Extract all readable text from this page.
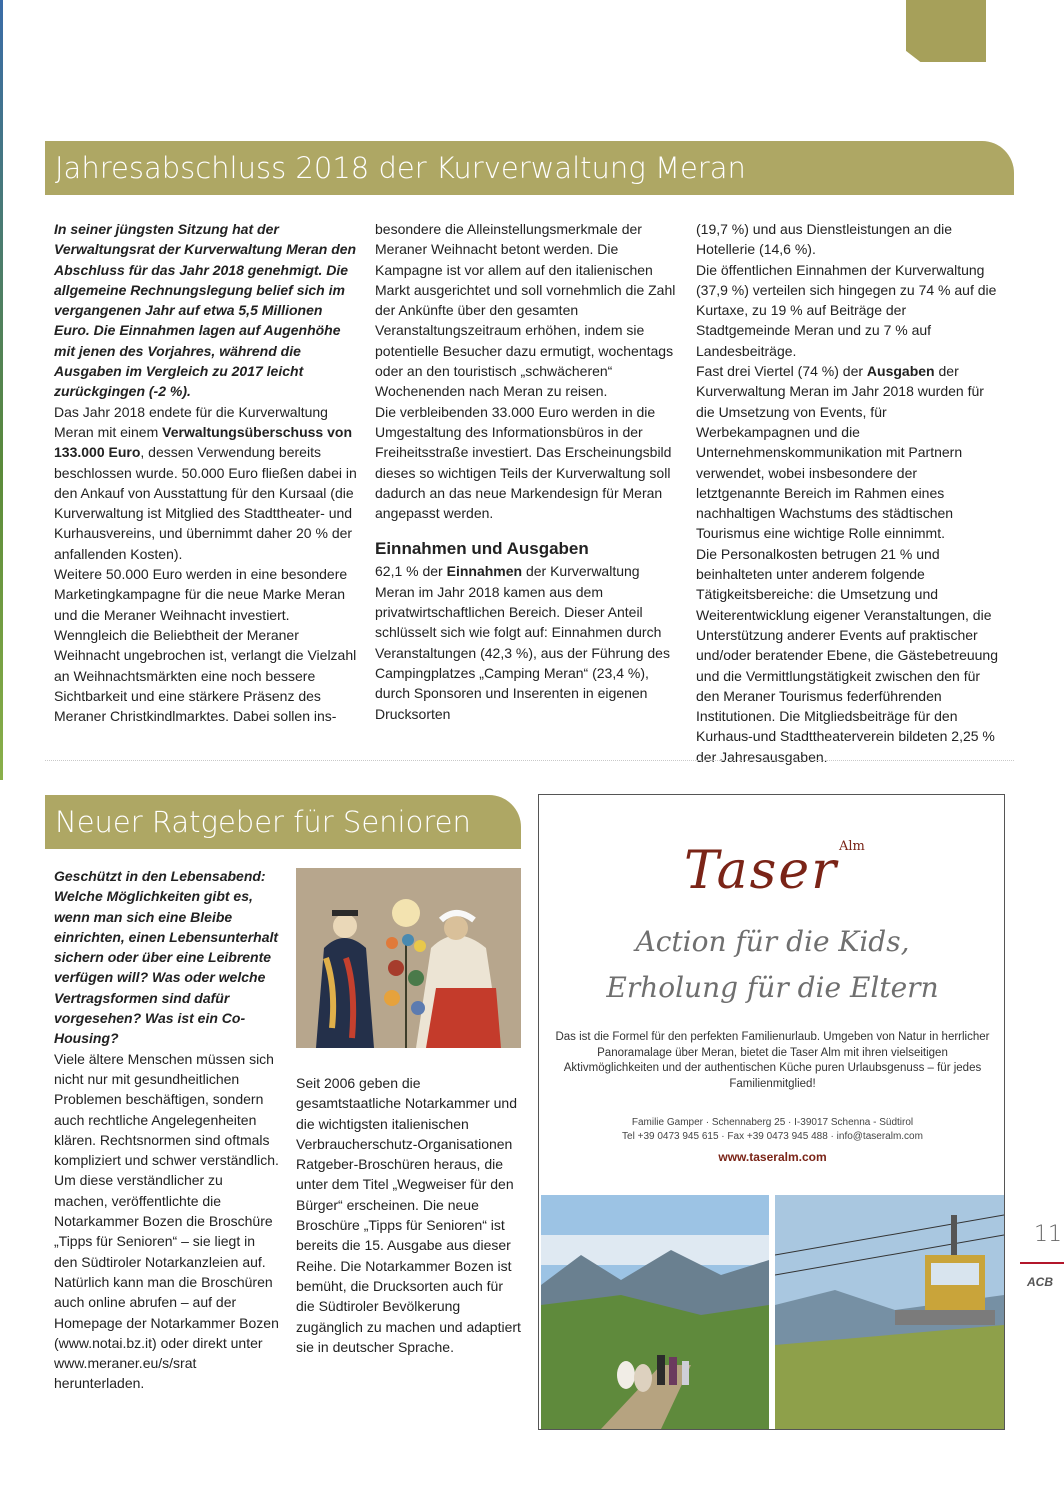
Jahresabschluss 2018 der Kurverwaltung Meran

In seiner jüngsten Sitzung hat der Verwaltungsrat der Kurverwaltung Meran den Abschluss für das Jahr 2018 genehmigt. Die allgemeine Rechnungslegung belief sich im vergangenen Jahr auf etwa 5,5 Millionen Euro. Die Einnahmen lagen auf Augenhöhe mit jenen des Vorjahres, während die Ausgaben im Vergleich zu 2017 leicht zurückgingen (-2 %).

Das Jahr 2018 endete für die Kurverwaltung Meran mit einem Verwaltungsüberschuss von 133.000 Euro, dessen Verwendung bereits beschlossen wurde. 50.000 Euro fließen dabei in den Ankauf von Ausstattung für den Kursaal (die Kurverwaltung ist Mitglied des Stadttheater- und Kurhausvereins, und übernimmt daher 20 % der anfallenden Kosten).

Weitere 50.000 Euro werden in eine besondere Marketingkampagne für die neue Marke Meran und die Meraner Weihnacht investiert. Wenngleich die Beliebtheit der Meraner Weihnacht ungebrochen ist, verlangt die Vielzahl an Weihnachtsmärkten eine noch bessere Sichtbarkeit und eine stärkere Präsenz des Meraner Christkindlmarktes. Dabei sollen ins-

besondere die Alleinstellungsmerkmale der Meraner Weihnacht betont werden. Die Kampagne ist vor allem auf den italienischen Markt ausgerichtet und soll vornehmlich die Zahl der Ankünfte über den gesamten Veranstaltungszeitraum erhöhen, indem sie potentielle Besucher dazu ermutigt, wochentags oder an den touristisch „schwächeren“ Wochenenden nach Meran zu reisen.

Die verbleibenden 33.000 Euro werden in die Umgestaltung des Informationsbüros in der Freiheitsstraße investiert. Das Erscheinungsbild dieses so wichtigen Teils der Kurverwaltung soll dadurch an das neue Markendesign für Meran angepasst werden.

Einnahmen und Ausgaben

62,1 % der Einnahmen der Kurverwaltung Meran im Jahr 2018 kamen aus dem privatwirtschaftlichen Bereich. Dieser Anteil schlüsselt sich wie folgt auf: Einnahmen durch Veranstaltungen (42,3 %), aus der Führung des Campingplatzes „Camping Meran“ (23,4 %), durch Sponsoren und Inserenten in eigenen Drucksorten

(19,7 %) und aus Dienstleistungen an die Hotellerie (14,6 %).

Die öffentlichen Einnahmen der Kurverwaltung (37,9 %) verteilen sich hingegen zu 74 % auf die Kurtaxe, zu 19 % auf Beiträge der Stadtgemeinde Meran und zu 7 % auf Landesbeiträge.

Fast drei Viertel (74 %) der Ausgaben der Kurverwaltung Meran im Jahr 2018 wurden für die Umsetzung von Events, für Werbekampagnen und die Unternehmenskommunikation mit Partnern verwendet, wobei insbesondere der letztgenannte Bereich im Rahmen eines nachhaltigen Wachstums des städtischen Tourismus eine wichtige Rolle einnimmt.

Die Personalkosten betrugen 21 % und beinhalteten unter anderem folgende Tätigkeitsbereiche: die Umsetzung und Weiterentwicklung eigener Veranstaltungen, die Unterstützung anderer Events auf praktischer und/oder beratender Ebene, die Gästebetreuung und die Vermittlungstätigkeit zwischen den für den Meraner Tourismus federführenden Institutionen. Die Mitgliedsbeiträge für den Kurhaus-und Stadttheaterverein bildeten 2,25 % der Jahresausgaben.

Neuer Ratgeber für Senioren

Geschützt in den Lebensabend: Welche Möglichkeiten gibt es, wenn man sich eine Bleibe einrichten, einen Lebensunterhalt sichern oder über eine Leibrente verfügen will? Was oder welche Vertragsformen sind dafür vorgesehen? Was ist ein Co-Housing?

Viele ältere Menschen müssen sich nicht nur mit gesundheitlichen Problemen beschäftigen, sondern auch rechtliche Angelegenheiten klären. Rechtsnormen sind oftmals kompliziert und schwer verständlich.

Um diese verständlicher zu machen, veröffentlichte die Notarkammer Bozen die Broschüre „Tipps für Senioren“ – sie liegt in den Südtiroler Notarkanzleien auf. Natürlich kann man die Broschüren auch online abrufen – auf der Homepage der Notarkammer Bozen (www.notai.bz.it) oder direkt unter www.meraner.eu/s/srat herunterladen.

Seit 2006 geben die gesamtstaatliche Notarkammer und die wichtigsten italienischen Verbraucherschutz-Organisationen Ratgeber-Broschüren heraus, die unter dem Titel „Wegweiser für den Bürger“ erscheinen. Die neue Broschüre „Tipps für Senioren“ ist bereits die 15. Ausgabe aus dieser Reihe. Die Notarkammer Bozen ist bemüht, die Drucksorten auch für die Südtiroler Bevölkerung zugänglich zu machen und adaptiert sie in deutscher Sprache.

Alm
Taser
Action für die Kids,
Erholung für die Eltern
Das ist die Formel für den perfekten Familienurlaub. Umgeben von Natur in herrlicher Panoramalage über Meran, bietet die Taser Alm mit ihren vielseitigen Aktivmöglichkeiten und der authentischen Küche puren Urlaubsgenuss – für jedes Familienmitglied!
Familie Gamper · Schennaberg 25 · I-39017 Schenna - Südtirol
Tel +39 0473 945 615 · Fax +39 0473 945 488 · info@taseralm.com
www.taseralm.com
11
ACB
